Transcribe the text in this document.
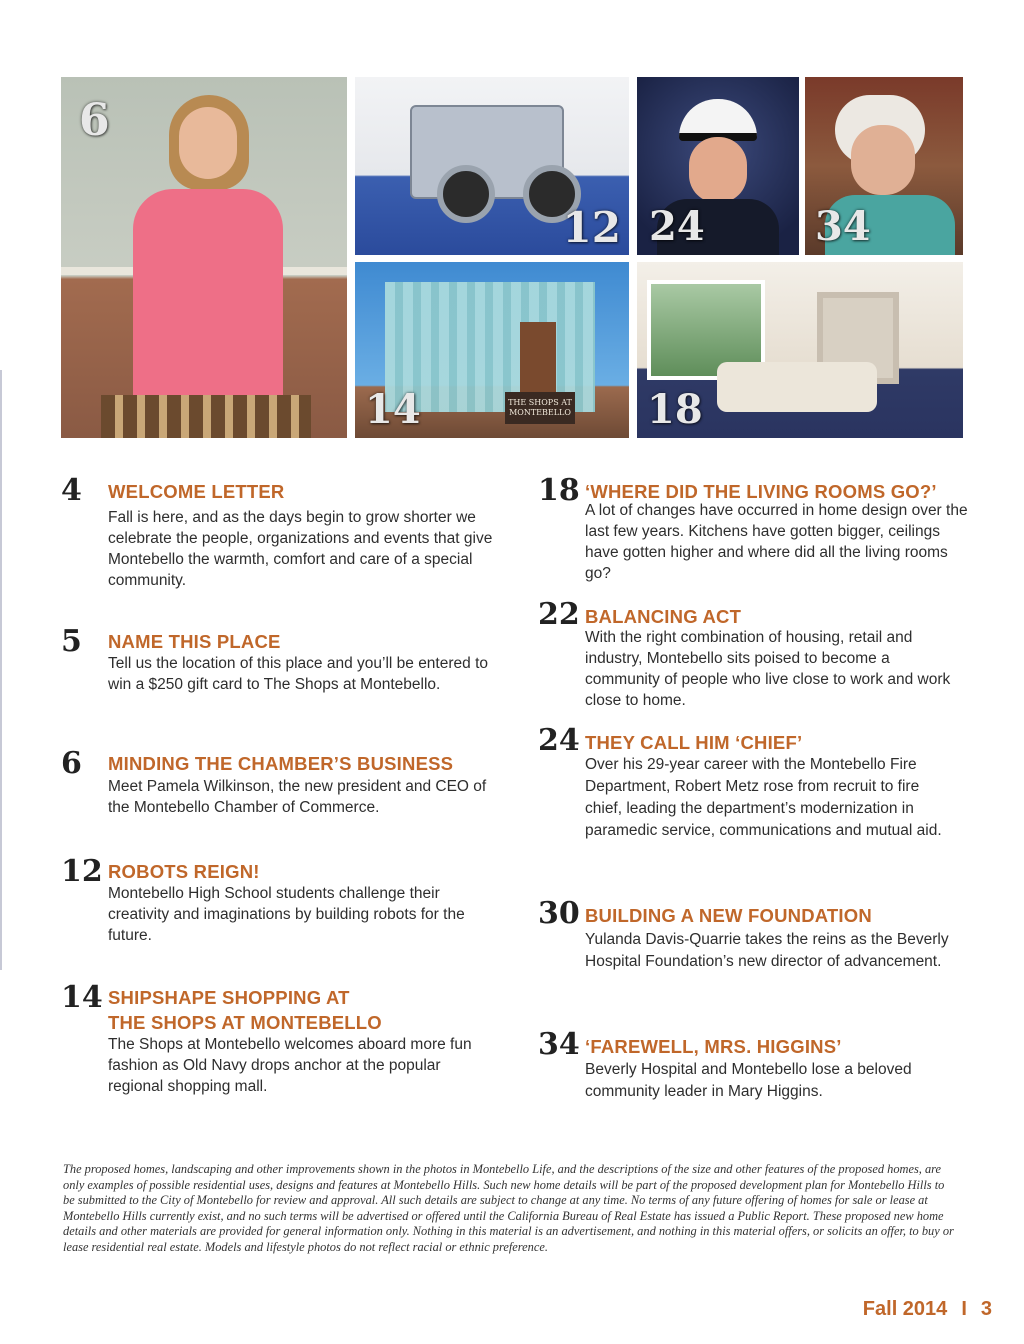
6
12 24	34
THE SHOPS AT
MONTEBELLO
14	18
4 WELCOME LETTER
Fall is here, and as the days begin to grow shorter we celebrate the people, organizations and events that give Montebello the warmth, comfort and care of a special community.
5 NAME THIS PLACE
Tell us the location of this place and you’ll be entered to win a $250 gift card to The Shops at Montebello.
6 MINDING THE CHAMBER’S BUSINESS
Meet Pamela Wilkinson, the new president and CEO of the Montebello Chamber of Commerce.
12 ROBOTS REIGN!
Montebello High School students challenge their creativity and imaginations by building robots for the future.
14 SHIPSHAPE SHOPPING AT
THE SHOPS AT MONTEBELLO
The Shops at Montebello welcomes aboard more fun fashion as Old Navy drops anchor at the popular regional shopping mall.
18 ‘WHERE DID THE LIVING ROOMS GO?’
A lot of changes have occurred in home design over the last few years. Kitchens have gotten bigger, ceilings have gotten higher and where did all the living rooms go?
22 BALANCING ACT
With the right combination of housing, retail and industry, Montebello sits poised to become a community of people who live close to work and work close to home.
24 THEY CALL HIM ‘CHIEF’
Over his 29-year career with the Montebello Fire Department, Robert Metz rose from recruit to fire chief, leading the department’s modernization in paramedic service, communications and mutual aid.
30 BUILDING A NEW FOUNDATION
Yulanda Davis-Quarrie takes the reins as the Beverly Hospital Foundation’s new director of advancement.
34 ‘FAREWELL, MRS. HIGGINS’
Beverly Hospital and Montebello lose a beloved community leader in Mary Higgins.
The proposed homes, landscaping and other improvements shown in the photos in Montebello Life, and the descriptions of the size and other features of the proposed homes, are only examples of possible residential uses, designs and features at Montebello Hills. Such new home details will be part of the proposed development plan for Montebello Hills to be submitted to the City of Montebello for review and approval. All such details are subject to change at any time. No terms of any future offering of homes for sale or lease at Montebello Hills currently exist, and no such terms will be advertised or offered until the California Bureau of Real Estate has issued a Public Report. These proposed new home details and other materials are provided for general information only. Nothing in this material is an advertisement, and nothing in this material offers, or solicits an offer, to buy or lease residential real estate. Models and lifestyle photos do not reflect racial or ethnic preference.
Fall 2014 I 3
